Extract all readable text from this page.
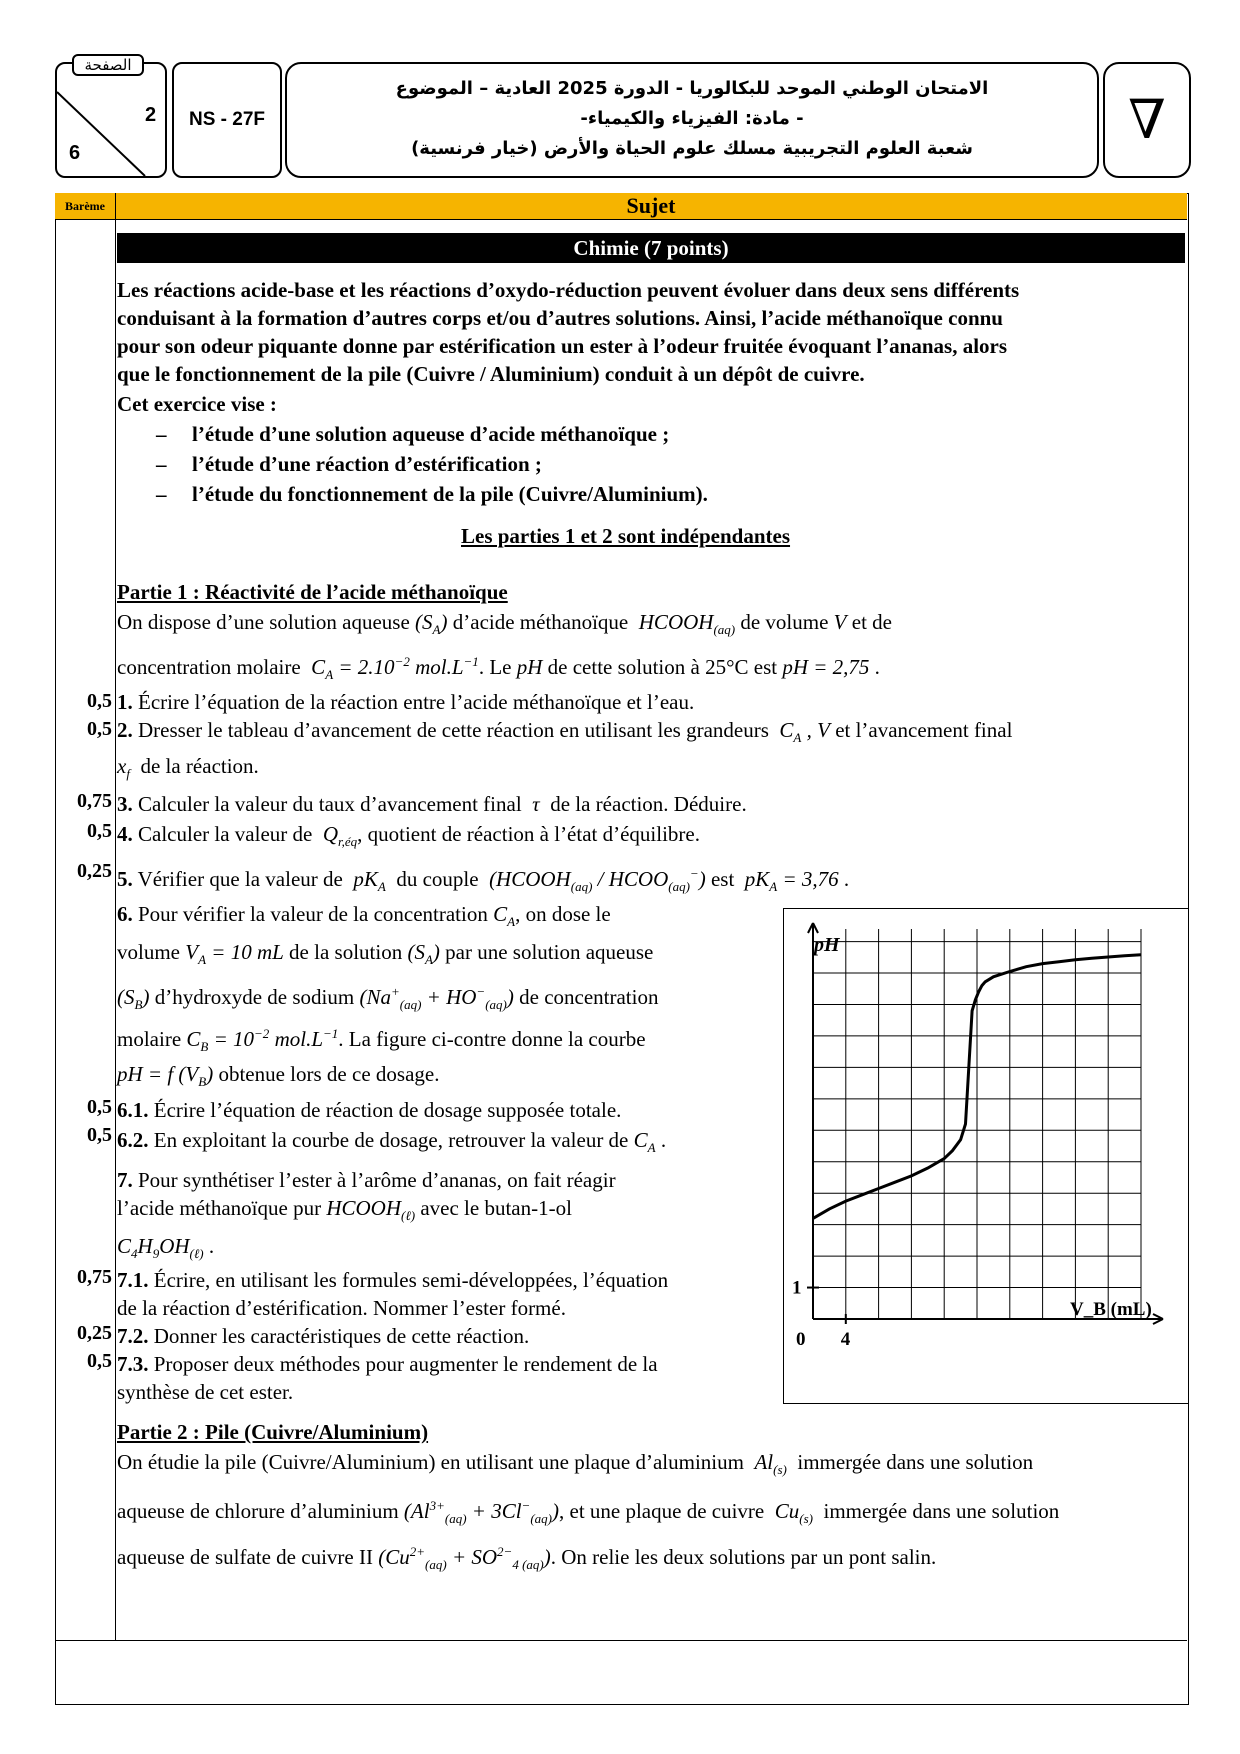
الصفحة
2
6
NS - 27F
الامتحان الوطني الموحد للبكالوريا - الدورة 2025 العادية – الموضوع
- مادة: الفيزياء والكيمياء-
شعبة العلوم التجريبية مسلك علوم الحياة والأرض (خيار فرنسية)	∇
Barème	Sujet
Chimie (7 points)
Les réactions acide-base et les réactions d’oxydo-réduction peuvent évoluer dans deux sens différents
conduisant à la formation d’autres corps et/ou d’autres solutions. Ainsi, l’acide méthanoïque connu
pour son odeur piquante donne par estérification un ester à l’odeur fruitée évoquant l’ananas, alors
que le fonctionnement de la pile (Cuivre / Aluminium) conduit à un dépôt de cuivre.
Cet exercice vise :
– l’étude d’une solution aqueuse d’acide méthanoïque ;
– l’étude d’une réaction d’estérification ;
– l’étude du fonctionnement de la pile (Cuivre/Aluminium).
Les parties 1 et 2 sont indépendantes
Partie 1 : Réactivité de l’acide méthanoïque
On dispose d’une solution aqueuse $(S_A)$ d’acide méthanoïque $HCOOH_{(aq)}$ de volume V et de
concentration molaire $C_A = 2.10^{-2}$ $mol.L^{-1}$. Le pH de cette solution à 25°C est pH = 2,75 .
0,5 1. Écrire l’équation de la réaction entre l’acide méthanoïque et l’eau.
0,5 2. Dresser le tableau d’avancement de cette réaction en utilisant les grandeurs $C_A$ , V et l’avancement final
$x_f$ de la réaction.
0,75 3. Calculer la valeur du taux d’avancement final τ de la réaction. Déduire.
0,5 4. Calculer la valeur de $Q_{r,éq}$, quotient de réaction à l’état d’équilibre.
0,25 5. Vérifier que la valeur de $pK_A$ du couple ($HCOOH_{(aq)}$ / $HCOO_{(aq)}^-$) est $pK_A = 3,76$ .
6. Pour vérifier la valeur de la concentration $C_A$, on dose le
volume $V_A = 10$ mL de la solution $(S_A)$ par une solution aqueuse
$(S_B)$ d’hydroxyde de sodium $(Na^+_{(aq)} + HO^-_{(aq)})$ de concentration
molaire $C_B = 10^{-2}$ $mol.L^{-1}$. La figure ci-contre donne la courbe
pH = f $(V_B)$ obtenue lors de ce dosage.
0,5 6.1. Écrire l’équation de réaction de dosage supposée totale.
0,5 6.2. En exploitant la courbe de dosage, retrouver la valeur de $C_A$ .
7. Pour synthétiser l’ester à l’arôme d’ananas, on fait réagir
l’acide méthanoïque pur $HCOOH_{(\ell)}$ avec le butan-1-ol
$C_4H_9OH_{(\ell)}$ .
0,75 7.1. Écrire, en utilisant les formules semi-développées, l’équation
de la réaction d’estérification. Nommer l’ester formé.
0,25 7.2. Donner les caractéristiques de cette réaction.
0,5 7.3. Proposer deux méthodes pour augmenter le rendement de la
synthèse de cet ester.
pH
V_B (mL)
0 4
1
Partie 2 : Pile (Cuivre/Aluminium)
On étudie la pile (Cuivre/Aluminium) en utilisant une plaque d’aluminium $Al_{(s)}$ immergée dans une solution
aqueuse de chlorure d’aluminium $(Al^{3+}_{(aq)} + 3Cl^-_{(aq)})$, et une plaque de cuivre $Cu_{(s)}$ immergée dans une solution
aqueuse de sulfate de cuivre II $(Cu^{2+}_{(aq)} + SO^{2-}_{4 (aq)})$. On relie les deux solutions par un pont salin.
